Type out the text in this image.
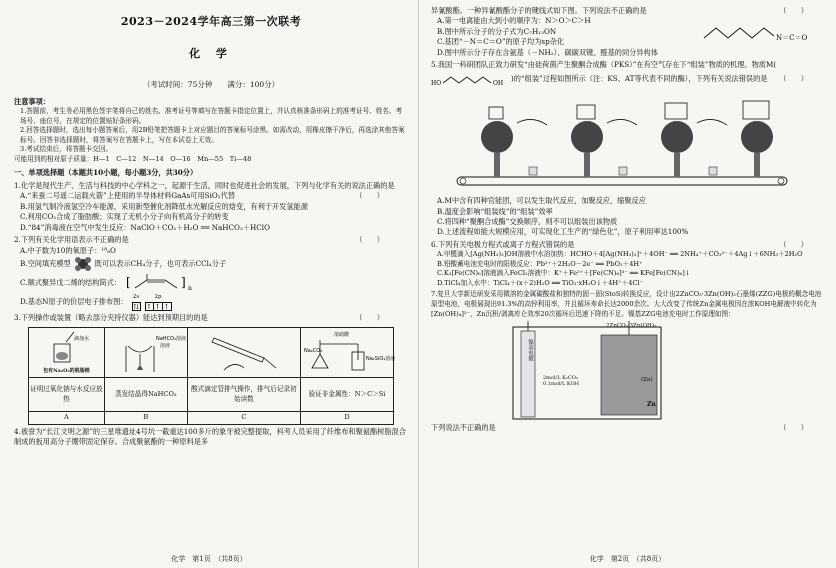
2023－2024学年高三第一次联考
化 学
（考试时间：75分钟　　满分：100分）

注意事项：

1.答题前，考生务必用黑色签字笔将自己的姓名、准考证号等填写在答题卡指定位置上，并认真核准条形码上的准考证号、姓名、考场号、座位号，在规定的位置贴好条形码。

2.回答选择题时，选出每小题答案后，用2B铅笔把答题卡上对应题目的答案标号涂黑。如需改动，用橡皮擦干净后，再选涂其他答案标号。回答非选择题时，将答案写在答题卡上，写在本试卷上无效。

3.考试结束后，将答题卡交回。

可能用到的相对原子质量：H—1　C—12　N—14　O—16　Mn—55　Ti—48

一、单项选择题（本题共10小题，每小题3分，共30分）

1.化学是现代生产、生活与科技的中心学科之一，起源于生活，同时也促进社会的发展，下列与化学有关的说法正确的是
（　　）

A.“来蚕二号遥二运载火箭”上使用的半导体材料GaAs可用SiO₂代替

B.用氢气制冷液氢空冷车能源，采用新型催化剂降低水光解反应的焓变，有利于开发氢能源

C.利用CO₂合成了脂肪酸；实现了无机小分子向有机高分子的转变

D.“84”消毒液在空气中发生反应：NaClO＋CO₂＋H₂O ══ NaHCO₃＋HClO

2.下列有关化学用语表示不正确的是	（　　）

A.中子数为10的氧原子：¹⁸₈O

B.空间填充模型	既可以表示CH₄分子，也可表示CCl₄分子

C.顺式聚异戊二烯的结构简式： [	] n

D.基态N原子的价层电子排布图：
2s
⇅
2p
↑ ↑ ↑

3.下列操作或装置（略去部分夹持仪器）能达到预期目的的是	（　　）

滴加水
包有Na₂O₂的脱脂棉	NaHCO₃溶液
溶液		浓硝酸
Na₂CO₃
Na₂SiO₃溶液

证明过氧化钠与水反应放热	蒸发结晶得NaHCO₃	酸式滴定管排气操作，排气后记录初始读数	验证非金属性：N＞C＞Si
A	B	C	D

4.被誉为“长江文明之源”的三星堆遗址4号坑一截重达100多斤的象牙被完整提取，科考人员采用了纤维布和聚氨酯树脂混合制成的扳用高分子绷带固定保存。合成聚氨酯的一种原料是多

化学　第1页　（共8页）

异氰酸酯。一种异氰酸酯分子的键线式如下图。下列说法不正确的是	（　　）

A.第一电离能由大到小的顺序为：N＞O＞C＞H

B.图中所示分子的分子式为C₇H₁₃ON

C.基团“－N＝C＝O”的原子均为sp杂化	N＝C＝O

D.图中所示分子存在含氨基（－NH₂）、碳碳双键、醛基的同分异构体

5.我国一科研团队正致力研发“由硅荷菌产生聚酮合成酶（PKS）”在有空气存在下“组装”物质的机理。物质M(
HO	OH )的“组装”过程如图所示（注：KS、AT等代表不同的酶），下列有关说法错误的是 （　　）

A.M中含有四种官能团，可以发生取代反应，加聚反应，缩聚反应

B.温度会影响“组装线”的“组装”效率

C.将四种“聚酮合成酶”交换顺序，则不可以组装出该物质

D.上述流程如能大规模应用，可实现化工生产的“绿色化”，原子利用率达100%

6.下列有关电极方程式或离子方程式错误的是	（　　）

A.甲醛滴入[Ag(NH₃)₂]OH溶液中水浴加热：HCHO＋4[Ag(NH₃)₂]⁺＋4OH⁻ ══ 2NH₄⁺＋CO₃²⁻＋4Ag↓＋6NH₃＋2H₂O

B.铅酸蓄电池充电时的阳极反应：Pb²⁺＋2H₂O－2e⁻ ══ PbO₂＋4H⁺

C.K₃[Fe(CN)₆]溶液滴入FeCl₂溶液中：K⁺＋Fe²⁺＋[Fe(CN)₆]³⁻ ══ KFe[Fe(CN)₆]↓

D.TiCl₄加入水中：TiCl₄＋(x＋2)H₂O ══ TiO₂·xH₂O↓＋4H⁺＋4Cl⁻

7.复旦大学新近研发采用微溶的金属碳酸盐和独特的固－固(StoS)转换反应，设计出2ZnCO₃·3Zn(OH)₂石墨烯(ZZG)电极的概念电池原型电池，电极展现出91.3%的高锌利用率，并且循环寿命长达2000余次。大大改变了传统Zn金属电极因在浓KOH电解液中转化为[Zn(OH)₄]²⁻，Zn沉积/剥离库仑效率20次循环后迅速下降的不足。镍基ZZG电池充电时工作原理如图：

镍基电极
2ZnCO₃·3Zn(OH)₂
2mol/L K₂CO₃ 0.1mol/L KOH
(Zn)
Zn

下列说法不正确的是	（　　）

化学　第2页　（共8页）
